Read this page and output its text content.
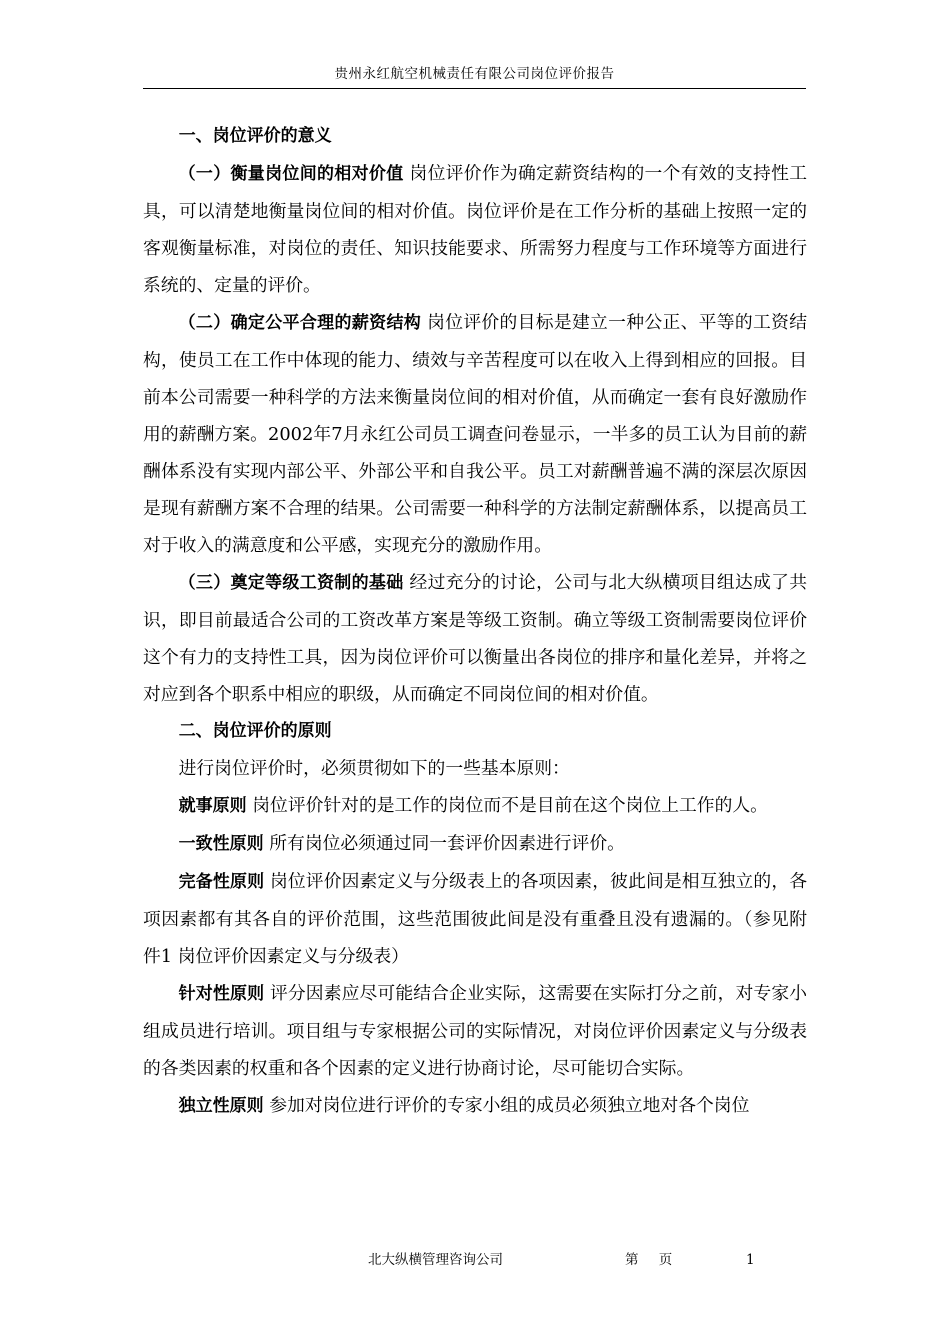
贵州永红航空机械责任有限公司岗位评价报告

一、岗位评价的意义

（一）衡量岗位间的相对价值 岗位评价作为确定薪资结构的一个有效的支持性工具，可以清楚地衡量岗位间的相对价值。岗位评价是在工作分析的基础上按照一定的客观衡量标准，对岗位的责任、知识技能要求、所需努力程度与工作环境等方面进行系统的、定量的评价。

（二）确定公平合理的薪资结构 岗位评价的目标是建立一种公正、平等的工资结构，使员工在工作中体现的能力、绩效与辛苦程度可以在收入上得到相应的回报。目前本公司需要一种科学的方法来衡量岗位间的相对价值，从而确定一套有良好激励作用的薪酬方案。2002年7月永红公司员工调查问卷显示，一半多的员工认为目前的薪酬体系没有实现内部公平、外部公平和自我公平。员工对薪酬普遍不满的深层次原因是现有薪酬方案不合理的结果。公司需要一种科学的方法制定薪酬体系，以提高员工对于收入的满意度和公平感，实现充分的激励作用。

（三）奠定等级工资制的基础 经过充分的讨论，公司与北大纵横项目组达成了共识，即目前最适合公司的工资改革方案是等级工资制。确立等级工资制需要岗位评价这个有力的支持性工具，因为岗位评价可以衡量出各岗位的排序和量化差异，并将之对应到各个职系中相应的职级，从而确定不同岗位间的相对价值。

二、岗位评价的原则

进行岗位评价时，必须贯彻如下的一些基本原则：

就事原则 岗位评价针对的是工作的岗位而不是目前在这个岗位上工作的人。

一致性原则 所有岗位必须通过同一套评价因素进行评价。

完备性原则 岗位评价因素定义与分级表上的各项因素，彼此间是相互独立的，各项因素都有其各自的评价范围，这些范围彼此间是没有重叠且没有遗漏的。（参见附件1 岗位评价因素定义与分级表）

针对性原则 评分因素应尽可能结合企业实际，这需要在实际打分之前，对专家小组成员进行培训。项目组与专家根据公司的实际情况，对岗位评价因素定义与分级表的各类因素的权重和各个因素的定义进行协商讨论，尽可能切合实际。

独立性原则 参加对岗位进行评价的专家小组的成员必须独立地对各个岗位

北大纵横管理咨询公司	第 页	1
